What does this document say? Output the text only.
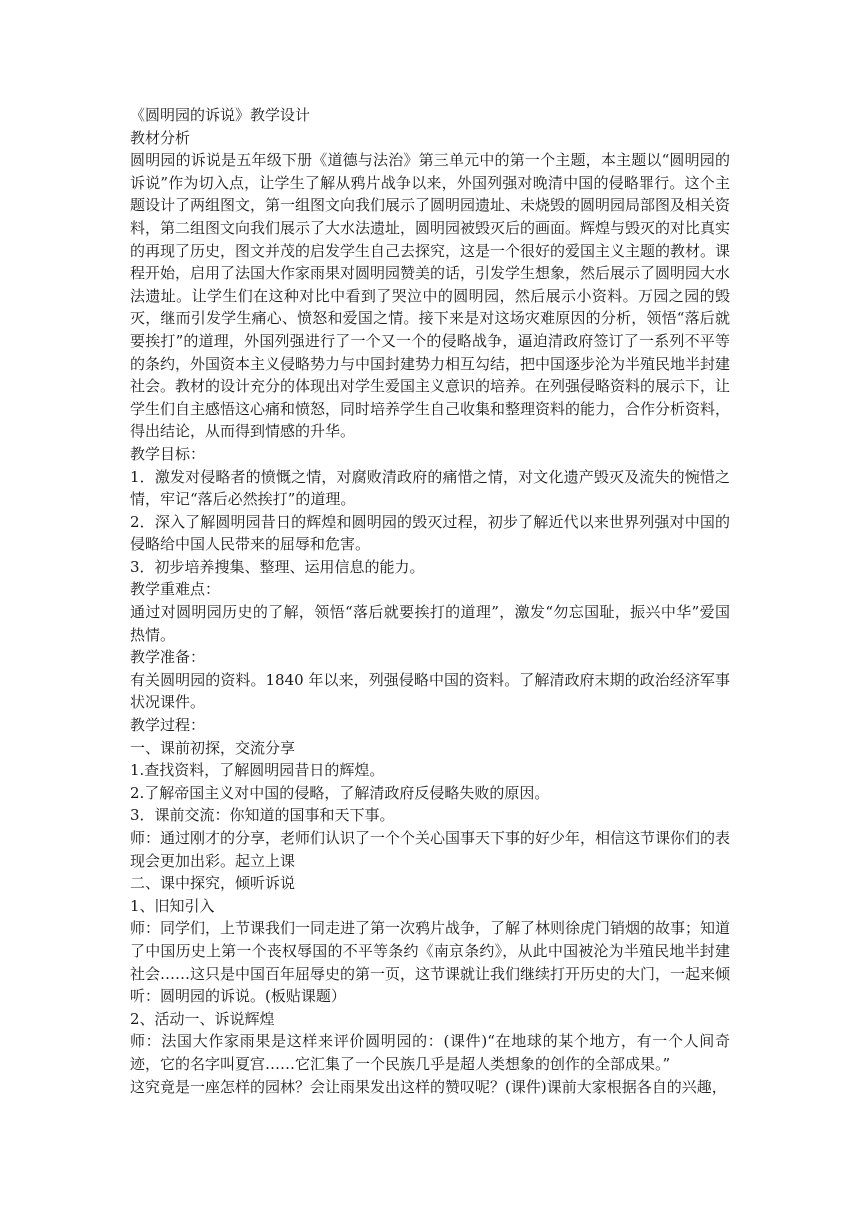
《圆明园的诉说》教学设计

教材分析

圆明园的诉说是五年级下册《道德与法治》第三单元中的第一个主题，本主题以“圆明园的诉说”作为切入点，让学生了解从鸦片战争以来，外国列强对晚清中国的侵略罪行。这个主题设计了两组图文，第一组图文向我们展示了圆明园遗址、未烧毁的圆明园局部图及相关资料，第二组图文向我们展示了大水法遗址，圆明园被毁灭后的画面。辉煌与毁灭的对比真实的再现了历史，图文并茂的启发学生自己去探究，这是一个很好的爱国主义主题的教材。课程开始，启用了法国大作家雨果对圆明园赞美的话，引发学生想象，然后展示了圆明园大水法遗址。让学生们在这种对比中看到了哭泣中的圆明园，然后展示小资料。万园之园的毁灭，继而引发学生痛心、愤怒和爱国之情。接下来是对这场灾难原因的分析，领悟“落后就要挨打”的道理，外国列强进行了一个又一个的侵略战争，逼迫清政府签订了一系列不平等的条约，外国资本主义侵略势力与中国封建势力相互勾结，把中国逐步沦为半殖民地半封建社会。教材的设计充分的体现出对学生爱国主义意识的培养。在列强侵略资料的展示下，让学生们自主感悟这心痛和愤怒，同时培养学生自己收集和整理资料的能力，合作分析资料，得出结论，从而得到情感的升华。

教学目标：

1．激发对侵略者的愤慨之情，对腐败清政府的痛惜之情，对文化遗产毁灭及流失的惋惜之情，牢记“落后必然挨打”的道理。

2．深入了解圆明园昔日的辉煌和圆明园的毁灭过程，初步了解近代以来世界列强对中国的侵略给中国人民带来的屈辱和危害。

3．初步培养搜集、整理、运用信息的能力。

教学重难点：

通过对圆明园历史的了解，领悟“落后就要挨打的道理”，激发“勿忘国耻，振兴中华”爱国热情。

教学准备：

有关圆明园的资料。1840 年以来，列强侵略中国的资料。了解清政府末期的政治经济军事状况课件。

教学过程：

一、课前初探，交流分享

1.查找资料，了解圆明园昔日的辉煌。

2.了解帝国主义对中国的侵略，了解清政府反侵略失败的原因。

3．课前交流：你知道的国事和天下事。

师：通过刚才的分享，老师们认识了一个个关心国事天下事的好少年，相信这节课你们的表现会更加出彩。起立上课

二、课中探究，倾听诉说

1、旧知引入

师：同学们，上节课我们一同走进了第一次鸦片战争，了解了林则徐虎门销烟的故事；知道了中国历史上第一个丧权辱国的不平等条约《南京条约》，从此中国被沦为半殖民地半封建社会……这只是中国百年屈辱史的第一页，这节课就让我们继续打开历史的大门，一起来倾听：圆明园的诉说。(板贴课题）

2、活动一、诉说辉煌

师：法国大作家雨果是这样来评价圆明园的：(课件)“在地球的某个地方，有一个人间奇迹，它的名字叫夏宫……它汇集了一个民族几乎是超人类想象的创作的全部成果。”

这究竟是一座怎样的园林？会让雨果发出这样的赞叹呢？(课件)课前大家根据各自的兴趣，
